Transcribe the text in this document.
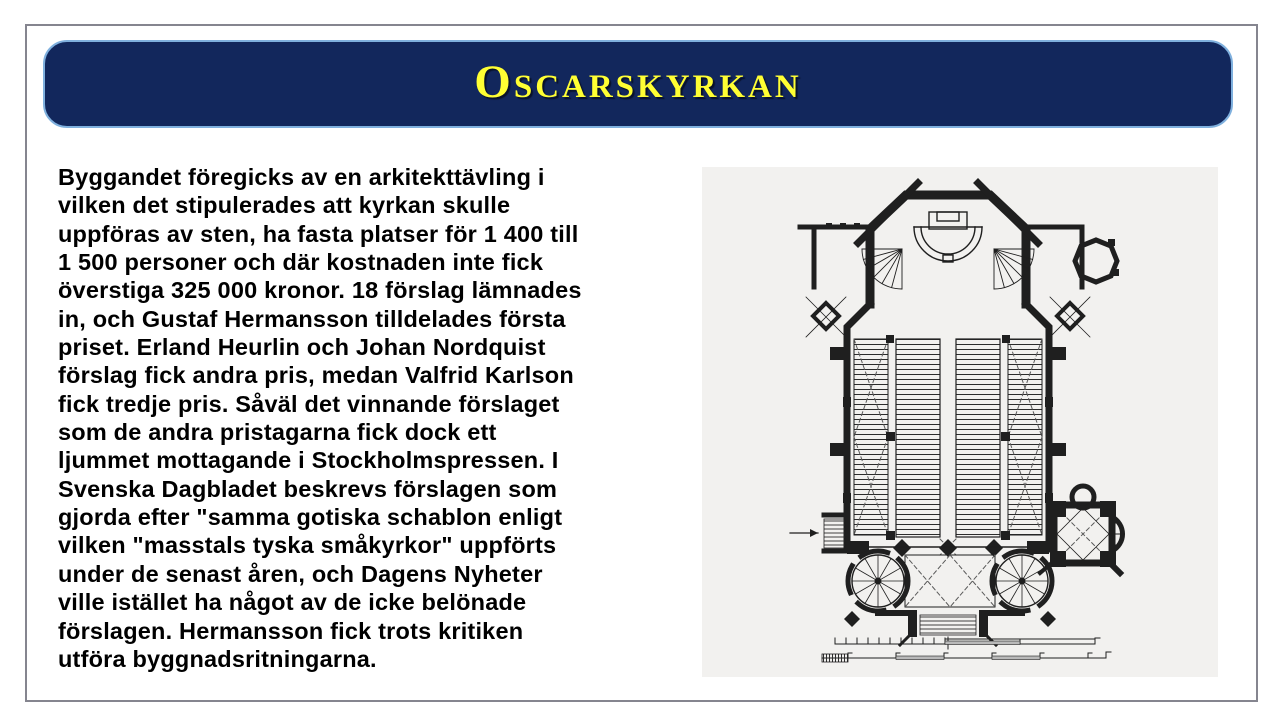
Oscarskyrkan
Byggandet föregicks av en arkitekttävling i
vilken det stipulerades att kyrkan skulle
uppföras av sten, ha fasta platser för 1 400 till
1 500 personer och där kostnaden inte fick
överstiga 325 000 kronor. 18 förslag lämnades
in, och Gustaf Hermansson tilldelades första
priset. Erland Heurlin och Johan Nordquist
förslag fick andra pris, medan Valfrid Karlson
fick tredje pris. Såväl det vinnande förslaget
som de andra pristagarna fick dock ett
ljummet mottagande i Stockholmspressen. I
Svenska Dagbladet beskrevs förslagen som
gjorda efter "samma gotiska schablon enligt
vilken "masstals tyska småkyrkor" uppförts
under de senast åren, och Dagens Nyheter
ville istället ha något av de icke belönade
förslagen. Hermansson fick trots kritiken
utföra byggnadsritningarna.
